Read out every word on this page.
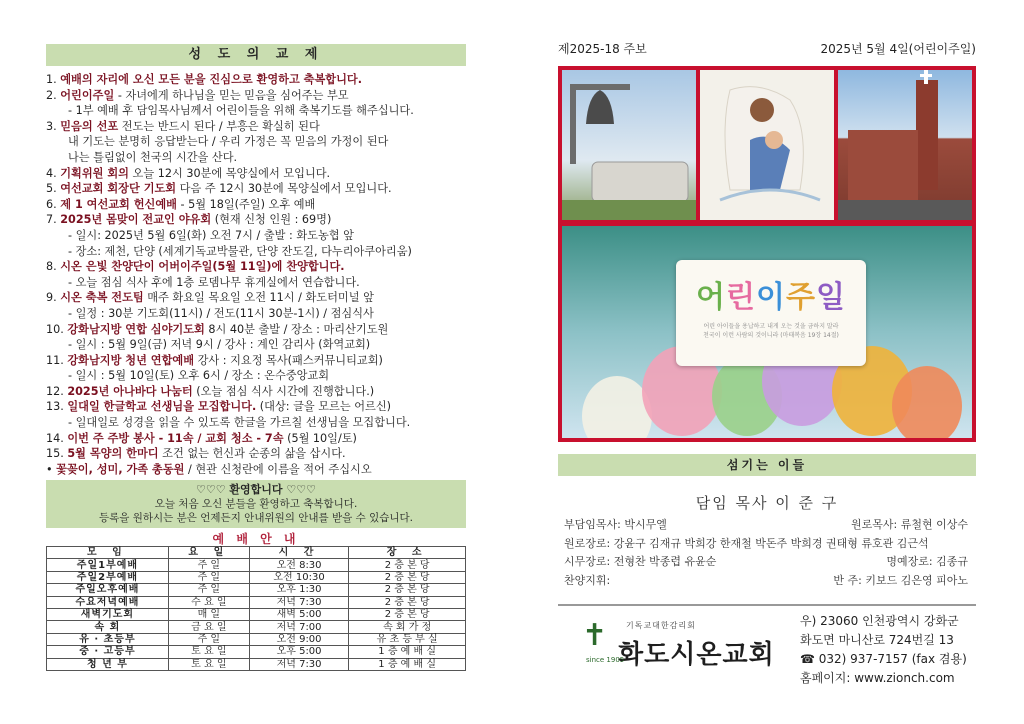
성 도 의 교 제
1. 예배의 자리에 오신 모든 분을 진심으로 환영하고 축복합니다.
2. 어린이주일 - 자녀에게 하나님을 믿는 믿음을 심어주는 부모
- 1부 예배 후 담임목사님께서 어린이들을 위해 축복기도를 해주십니다.
3. 믿음의 선포 전도는 반드시 된다 / 부흥은 확실히 된다
내 기도는 분명히 응답받는다 / 우리 가정은 꼭 믿음의 가정이 된다
나는 틀림없이 천국의 시간을 산다.
4. 기획위원 회의 오늘 12시 30분에 목양실에서 모입니다.
5. 여선교회 회장단 기도회 다음 주 12시 30분에 목양실에서 모입니다.
6. 제 1 여선교회 헌신예배 - 5월 18일(주일) 오후 예배
7. 2025년 몸맞이 전교인 야유회 (현재 신청 인원 : 69명)
- 일시: 2025년 5월 6일(화) 오전 7시 / 출발 : 화도농협 앞
- 장소: 제천, 단양 (세계기독교박물관, 단양 잔도길, 다누리아쿠아리움)
8. 시온 은빛 찬양단이 어버이주일(5월 11일)에 찬양합니다.
- 오늘 점심 식사 후에 1층 로뎀나무 휴게실에서 연습합니다.
9. 시온 축복 전도팀 매주 화요일 목요일 오전 11시 / 화도터미널 앞
- 일정 : 30분 기도회(11시) / 전도(11시 30분-1시) / 점심식사
10. 강화남지방 연합 심야기도회 8시 40분 출발 / 장소 : 마리산기도원
- 일시 : 5월 9일(금) 저녁 9시 / 강사 : 계인 감리사 (화역교회)
11. 강화남지방 청년 연합예배 강사 : 지요정 목사(패스커뮤니티교회)
- 일시 : 5월 10일(토) 오후 6시 / 장소 : 온수중앙교회
12. 2025년 아나바다 나눔터 (오늘 점심 식사 시간에 진행합니다.)
13. 일대일 한글학교 선생님을 모집합니다. (대상: 글을 모르는 어르신)
- 일대일로 성경을 읽을 수 있도록 한글을 가르칠 선생님을 모집합니다.
14. 이번 주 주방 봉사 - 11속 / 교회 청소 - 7속 (5월 10일/토)
15. 5월 목양의 한마디 조건 없는 헌신과 순종의 삶을 삽시다.
• 꽃꽂이, 성미, 가족 총동원 / 현관 신청란에 이름을 적어 주십시오
♡♡♡ 환영합니다 ♡♡♡
오늘 처음 오신 분들을 환영하고 축복합니다.
등록을 원하시는 분은 언제든지 안내위원의 안내를 받을 수 있습니다.
예 배 안 내
모 임	요 일	시 간	장 소
주일1부예배	주 일	오전 8:30	2 층 본 당
주일2부예배	주 일	오전 10:30	2 층 본 당
주일오후예배	주 일	오후 1:30	2 층 본 당
수요저녁예배	수 요 일	저녁 7:30	2 층 본 당
새벽기도회	매 일	새벽 5:00	2 층 본 당
속 회	금 요 일	저녁 7:00	속 회 가 정
유 · 초등부	주 일	오전 9:00	유 초 등 부 실
중 · 고등부	토 요 일	오후 5:00	1 층 예 배 실
청 년 부	토 요 일	저녁 7:30	1 층 예 배 실
제2025-18 주보	2025년 5월 4일(어린이주일)
어린이주일
어린 아이들을 용납하고 내게 오는 것을 금하지 말라
천국이 이런 사람의 것이니라 (마태복음 19장 14절)
섬기는 이들
담임 목사 이 준 구
부담임목사: 박시무엘	원로목사: 류철현 이상수
원로장로: 강윤구 김재규 박희강 한재철 박돈주 박희경 권태형 류호관 김근석
시무장로: 전형찬 박종렵 유윤순	명예장로: 김종규
찬양지휘:	반 주: 키보드 김은영 피아노
✝ 기독교대한감리회
화도시온교회
since 1905
우) 23060 인천광역시 강화군
화도면 마니산로 724번길 13
☎ 032) 937-7157 (fax 겸용)
홈페이지: www.zionch.com
